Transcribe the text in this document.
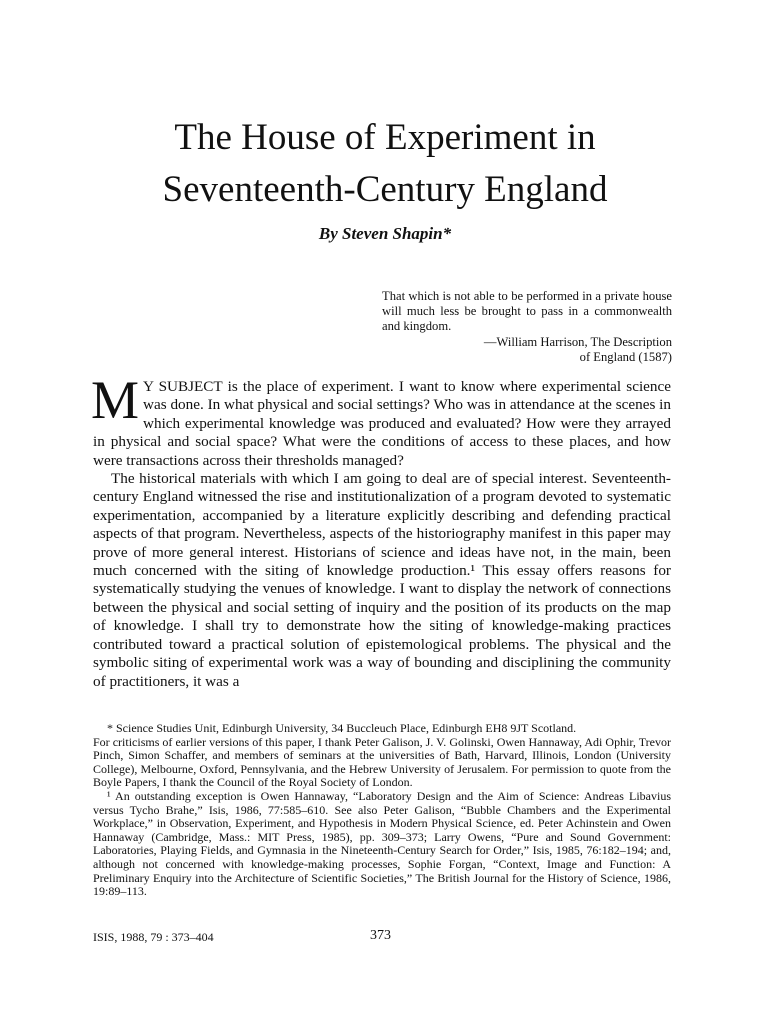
The House of Experiment in
Seventeenth-Century England
By Steven Shapin*
That which is not able to be performed in a private house will much less be brought to pass in a commonwealth and kingdom.
—William Harrison, The Description
of England (1587)

M Y SUBJECT is the place of experiment. I want to know where experimental science was done. In what physical and social settings? Who was in attendance at the scenes in which experimental knowledge was produced and evaluated? How were they arrayed in physical and social space? What were the conditions of access to these places, and how were transactions across their thresholds managed?

The historical materials with which I am going to deal are of special interest. Seventeenth-century England witnessed the rise and institutionalization of a program devoted to systematic experimentation, accompanied by a literature explicitly describing and defending practical aspects of that program. Nevertheless, aspects of the historiography manifest in this paper may prove of more general interest. Historians of science and ideas have not, in the main, been much concerned with the siting of knowledge production.¹ This essay offers reasons for systematically studying the venues of knowledge. I want to display the network of connections between the physical and social setting of inquiry and the position of its products on the map of knowledge. I shall try to demonstrate how the siting of knowledge-making practices contributed toward a practical solution of epistemological problems. The physical and the symbolic siting of experimental work was a way of bounding and disciplining the community of practitioners, it was a

* Science Studies Unit, Edinburgh University, 34 Buccleuch Place, Edinburgh EH8 9JT Scotland.

For criticisms of earlier versions of this paper, I thank Peter Galison, J. V. Golinski, Owen Hannaway, Adi Ophir, Trevor Pinch, Simon Schaffer, and members of seminars at the universities of Bath, Harvard, Illinois, London (University College), Melbourne, Oxford, Pennsylvania, and the Hebrew University of Jerusalem. For permission to quote from the Boyle Papers, I thank the Council of the Royal Society of London.

¹ An outstanding exception is Owen Hannaway, “Laboratory Design and the Aim of Science: Andreas Libavius versus Tycho Brahe,” Isis, 1986, 77:585–610. See also Peter Galison, “Bubble Chambers and the Experimental Workplace,” in Observation, Experiment, and Hypothesis in Modern Physical Science, ed. Peter Achinstein and Owen Hannaway (Cambridge, Mass.: MIT Press, 1985), pp. 309–373; Larry Owens, “Pure and Sound Government: Laboratories, Playing Fields, and Gymnasia in the Nineteenth-Century Search for Order,” Isis, 1985, 76:182–194; and, although not concerned with knowledge-making processes, Sophie Forgan, “Context, Image and Function: A Preliminary Enquiry into the Architecture of Scientific Societies,” The British Journal for the History of Science, 1986, 19:89–113.

ISIS, 1988, 79 : 373–404	373
